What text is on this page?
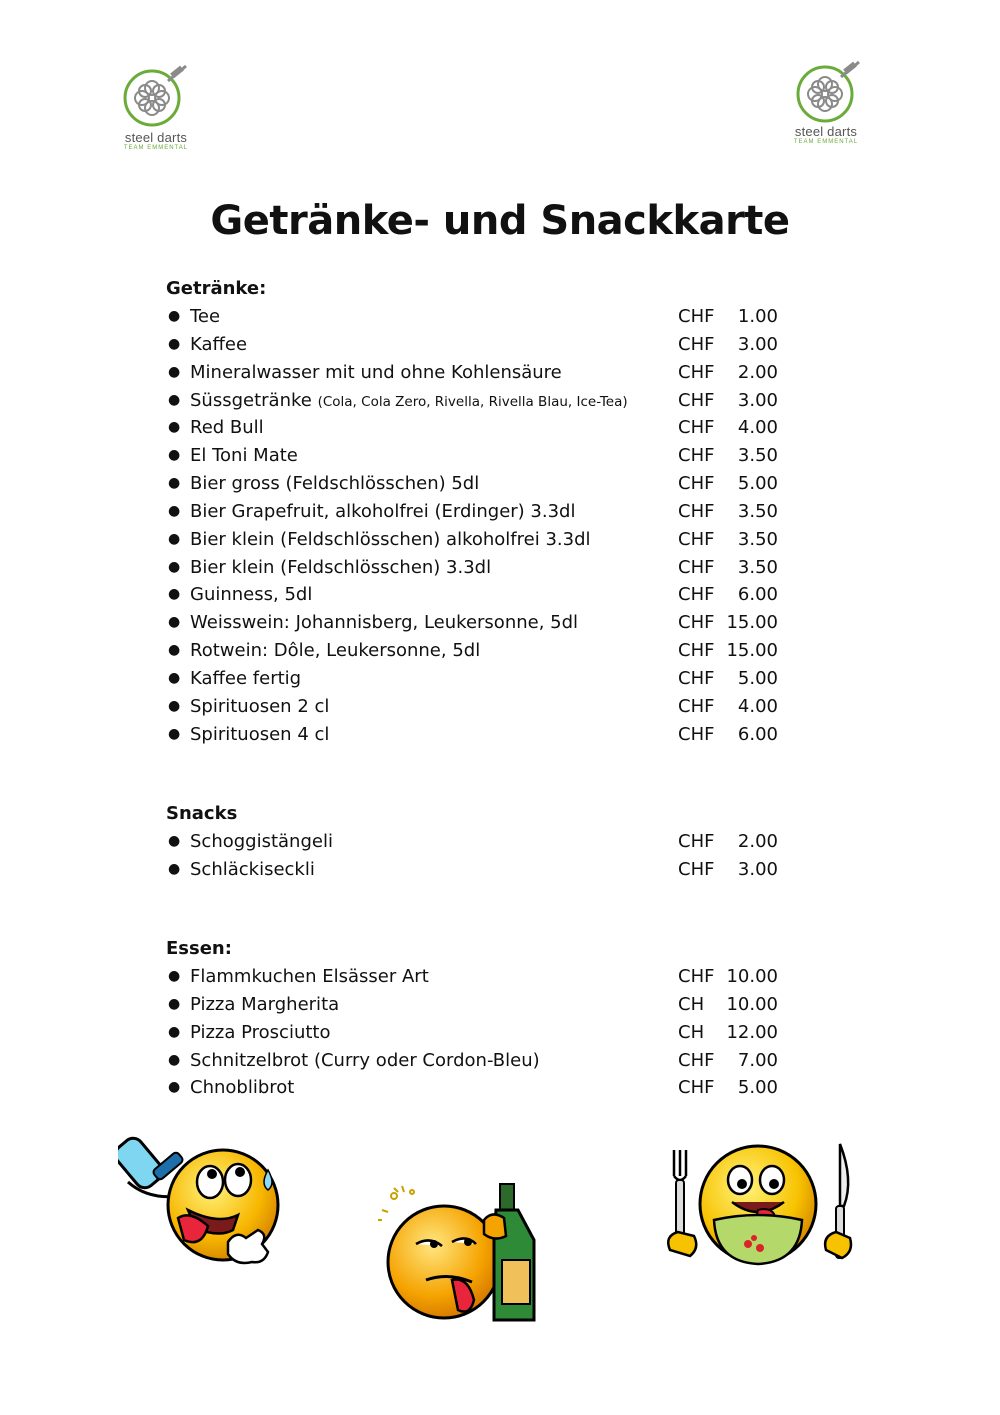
steel darts
TEAM EMMENTAL
steel darts
TEAM EMMENTAL
Getränke- und Snackkarte
Getränke:
● Tee	CHF	1.00
● Kaffee	CHF	3.00
● Mineralwasser mit und ohne Kohlensäure	CHF	2.00
● Süssgetränke (Cola, Cola Zero, Rivella, Rivella Blau, Ice-Tea)	CHF	3.00
● Red Bull	CHF	4.00
● El Toni Mate	CHF	3.50
● Bier gross (Feldschlösschen) 5dl	CHF	5.00
● Bier Grapefruit, alkoholfrei (Erdinger) 3.3dl	CHF	3.50
● Bier klein (Feldschlösschen) alkoholfrei 3.3dl	CHF	3.50
● Bier klein (Feldschlösschen) 3.3dl	CHF	3.50
● Guinness, 5dl	CHF	6.00
● Weisswein: Johannisberg, Leukersonne, 5dl	CHF 15.00
● Rotwein: Dôle, Leukersonne, 5dl	CHF 15.00
● Kaffee fertig	CHF	5.00
● Spirituosen 2 cl	CHF	4.00
● Spirituosen 4 cl	CHF	6.00
Snacks
● Schoggistängeli	CHF	2.00
● Schläckiseckli	CHF	3.00
Essen:
● Flammkuchen Elsässer Art	CHF 10.00
● Pizza Margherita	CH	10.00
● Pizza Prosciutto	CH	12.00
● Schnitzelbrot (Curry oder Cordon-Bleu)	CHF	7.00
● Chnoblibrot	CHF	5.00
